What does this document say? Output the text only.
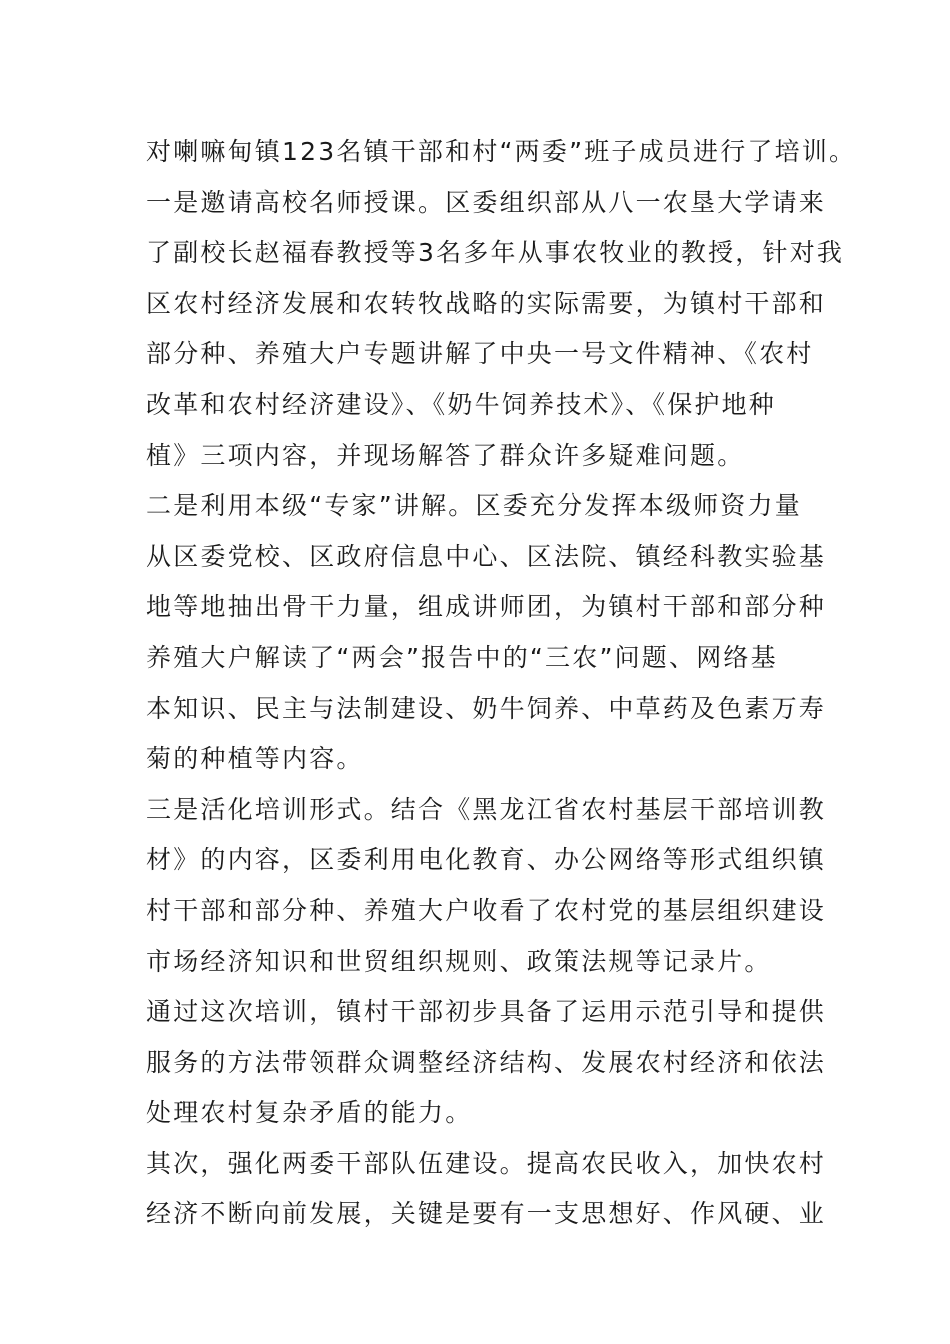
对喇嘛甸镇123名镇干部和村“两委”班子成员进行了培训。
一是邀请高校名师授课。区委组织部从八一农垦大学请来
了副校长赵福春教授等3名多年从事农牧业的教授，针对我
区农村经济发展和农转牧战略的实际需要，为镇村干部和
部分种、养殖大户专题讲解了中央一号文件精神、《农村
改革和农村经济建设》、《奶牛饲养技术》、《保护地种
植》三项内容，并现场解答了群众许多疑难问题。
二是利用本级“专家”讲解。区委充分发挥本级师资力量
从区委党校、区政府信息中心、区法院、镇经科教实验基
地等地抽出骨干力量，组成讲师团，为镇村干部和部分种
养殖大户解读了“两会”报告中的“三农”问题、网络基
本知识、民主与法制建设、奶牛饲养、中草药及色素万寿
菊的种植等内容。
三是活化培训形式。结合《黑龙江省农村基层干部培训教
材》的内容，区委利用电化教育、办公网络等形式组织镇
村干部和部分种、养殖大户收看了农村党的基层组织建设
市场经济知识和世贸组织规则、政策法规等记录片。
通过这次培训，镇村干部初步具备了运用示范引导和提供
服务的方法带领群众调整经济结构、发展农村经济和依法
处理农村复杂矛盾的能力。
其次，强化两委干部队伍建设。提高农民收入，加快农村
经济不断向前发展，关键是要有一支思想好、作风硬、业
